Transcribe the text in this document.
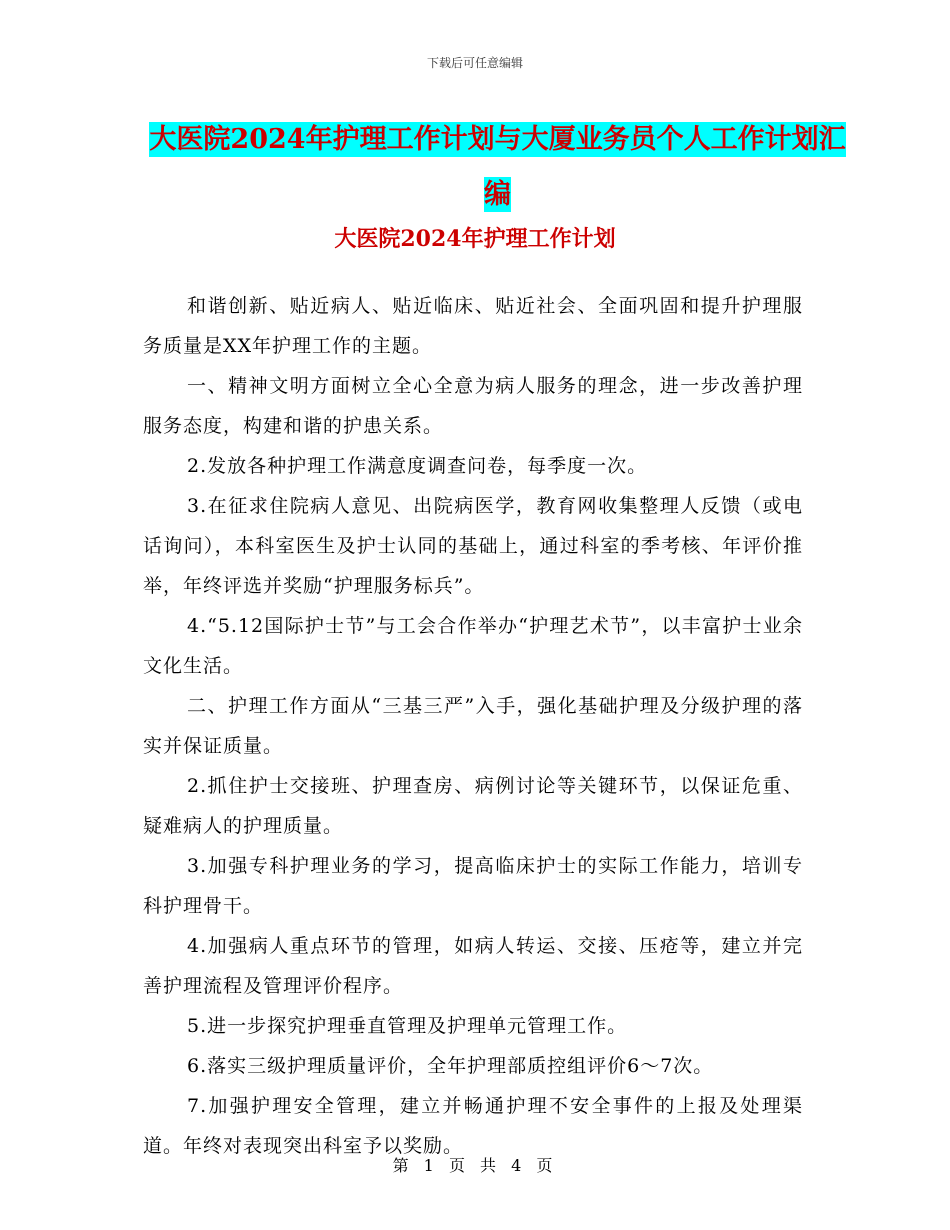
下载后可任意编辑
大医院2024年护理工作计划与大厦业务员个人工作计划汇编
大医院2024年护理工作计划

和谐创新、贴近病人、贴近临床、贴近社会、全面巩固和提升护理服务质量是XX年护理工作的主题。

一、精神文明方面树立全心全意为病人服务的理念，进一步改善护理服务态度，构建和谐的护患关系。

2.发放各种护理工作满意度调查问卷，每季度一次。

3.在征求住院病人意见、出院病医学，教育网收集整理人反馈（或电话询问），本科室医生及护士认同的基础上，通过科室的季考核、年评价推举，年终评选并奖励“护理服务标兵”。

4.“5.12国际护士节”与工会合作举办“护理艺术节”，以丰富护士业余文化生活。

二、护理工作方面从“三基三严”入手，强化基础护理及分级护理的落实并保证质量。

2.抓住护士交接班、护理查房、病例讨论等关键环节，以保证危重、疑难病人的护理质量。

3.加强专科护理业务的学习，提高临床护士的实际工作能力，培训专科护理骨干。

4.加强病人重点环节的管理，如病人转运、交接、压疮等，建立并完善护理流程及管理评价程序。

5.进一步探究护理垂直管理及护理单元管理工作。

6.落实三级护理质量评价，全年护理部质控组评价6～7次。

7.加强护理安全管理，建立并畅通护理不安全事件的上报及处理渠道。年终对表现突出科室予以奖励。

第 1 页 共 4 页
